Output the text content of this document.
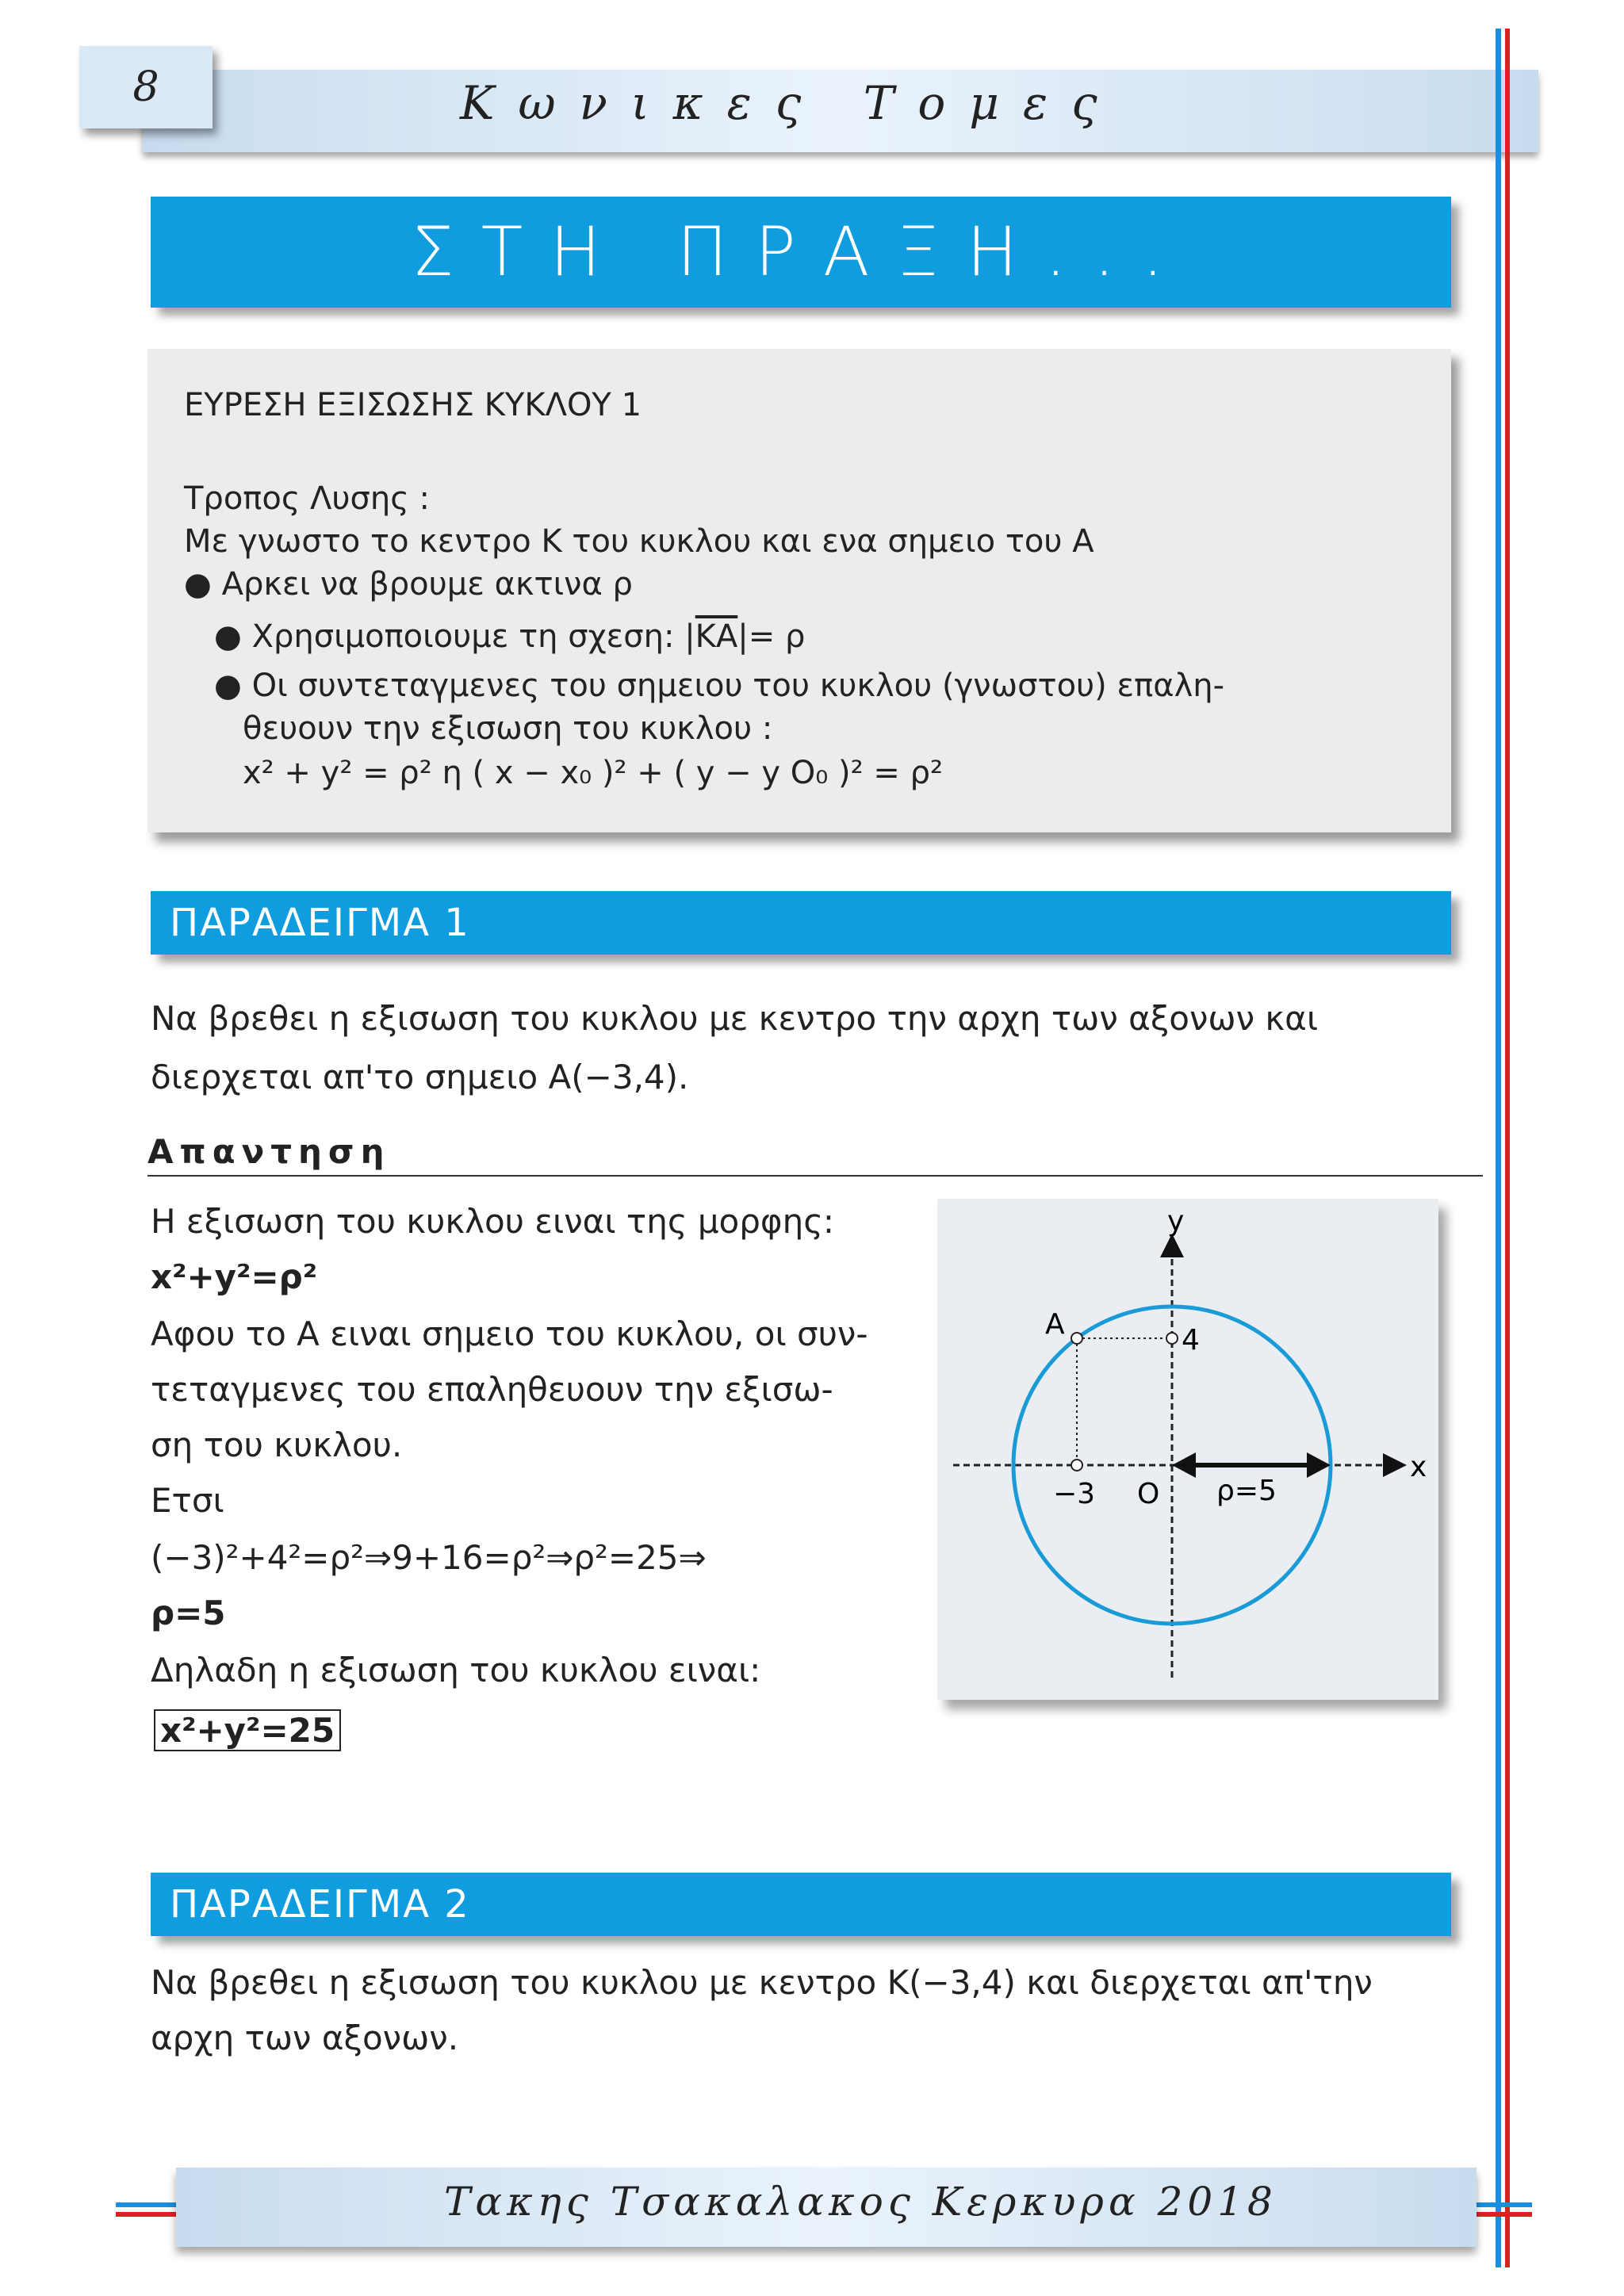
8	Κωνικες Τομες
ΣΤΗ ΠΡΑΞΗ...
ΕΥΡΕΣΗ ΕΞΙΣΩΣΗΣ ΚΥΚΛΟΥ 1
Τροπος Λυσης :
Με γνωστο το κεντρο Κ του κυκλου και ενα σημειο του Α
● Αρκει να βρουμε ακτινα ρ
● Χρησιμοποιουμε τη σχεση: $|\overline{KA}|= \rho$
● Οι συντεταγμενες του σημειου του κυκλου (γνωστου) επαλη-
θευουν την εξισωση του κυκλου :
x² + y² = ρ² η ( x − x₀ )² + ( y − y O₀ )² = ρ²
ΠΑΡΑΔΕΙΓΜΑ 1
Να βρεθει η εξισωση του κυκλου με κεντρο την αρχη των αξονων και
διερχεται απ'το σημειο Α(−3,4).
Απαντηση
Η εξισωση του κυκλου ειναι της μορφης:
x²+y²=ρ²
Αφου το Α ειναι σημειο του κυκλου, οι συν-
τεταγμενες του επαληθευουν την εξισω-
ση του κυκλου.
Ετσι
(−3)²+4²=ρ²⇒9+16=ρ²⇒ρ²=25⇒
ρ=5
Δηλαδη η εξισωση του κυκλου ειναι:
x²+y²=25
y
x
Α	4
−3 Ο ρ=5
ΠΑΡΑΔΕΙΓΜΑ 2
Να βρεθει η εξισωση του κυκλου με κεντρο Κ(−3,4) και διερχεται απ'την
αρχη των αξονων.
Τακης Τσακαλακος Κερκυρα 2018
